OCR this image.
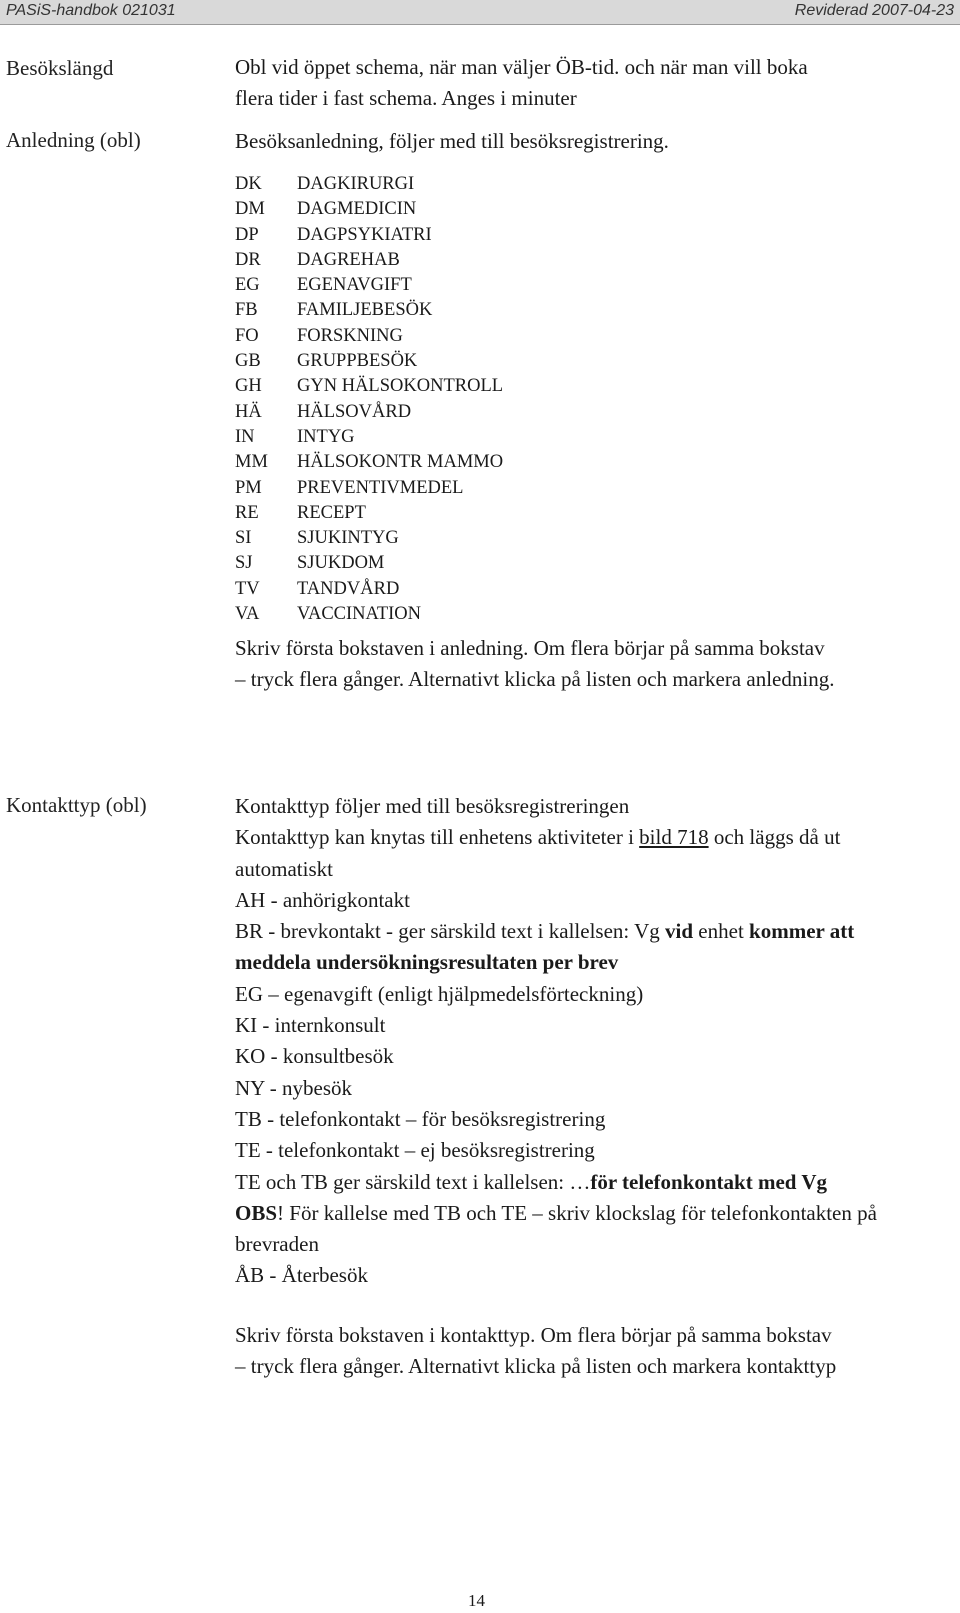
PASiS-handbok 021031	Reviderad 2007-04-23
Besökslängd	Obl vid öppet schema, när man väljer ÖB-tid. och när man vill boka flera tider i fast schema. Anges i minuter
Anledning (obl)	Besöksanledning, följer med till besöksregistrering.
DK DAGKIRURGI
DM DAGMEDICIN
DP DAGPSYKIATRI
DR DAGREHAB
EG EGENAVGIFT
FB FAMILJEBESÖK
FO FORSKNING
GB GRUPPBESÖK
GH GYN HÄLSOKONTROLL
HÄ HÄLSOVÅRD
IN INTYG
MM HÄLSOKONTR MAMMO
PM PREVENTIVMEDEL
RE RECEPT
SI SJUKINTYG
SJ SJUKDOM
TV TANDVÅRD
VA VACCINATION
Skriv första bokstaven i anledning. Om flera börjar på samma bokstav – tryck flera gånger. Alternativt klicka på listen och markera anledning.
Kontakttyp (obl)	Kontakttyp följer med till besöksregistreringen
Kontakttyp kan knytas till enhetens aktiviteter i bild 718 och läggs då ut automatiskt
AH - anhörigkontakt
BR - brevkontakt - ger särskild text i kallelsen: Vg vid enhet kommer att meddela undersökningsresultaten per brev
EG – egenavgift (enligt hjälpmedelsförteckning)
KI - internkonsult
KO - konsultbesök
NY - nybesök
TB - telefonkontakt – för besöksregistrering
TE - telefonkontakt – ej besöksregistrering
TE och TB ger särskild text i kallelsen: …för telefonkontakt med Vg
OBS! För kallelse med TB och TE – skriv klockslag för telefonkontakten på brevraden
ÅB - Återbesök
Skriv första bokstaven i kontakttyp. Om flera börjar på samma bokstav – tryck flera gånger. Alternativt klicka på listen och markera kontakttyp
14
